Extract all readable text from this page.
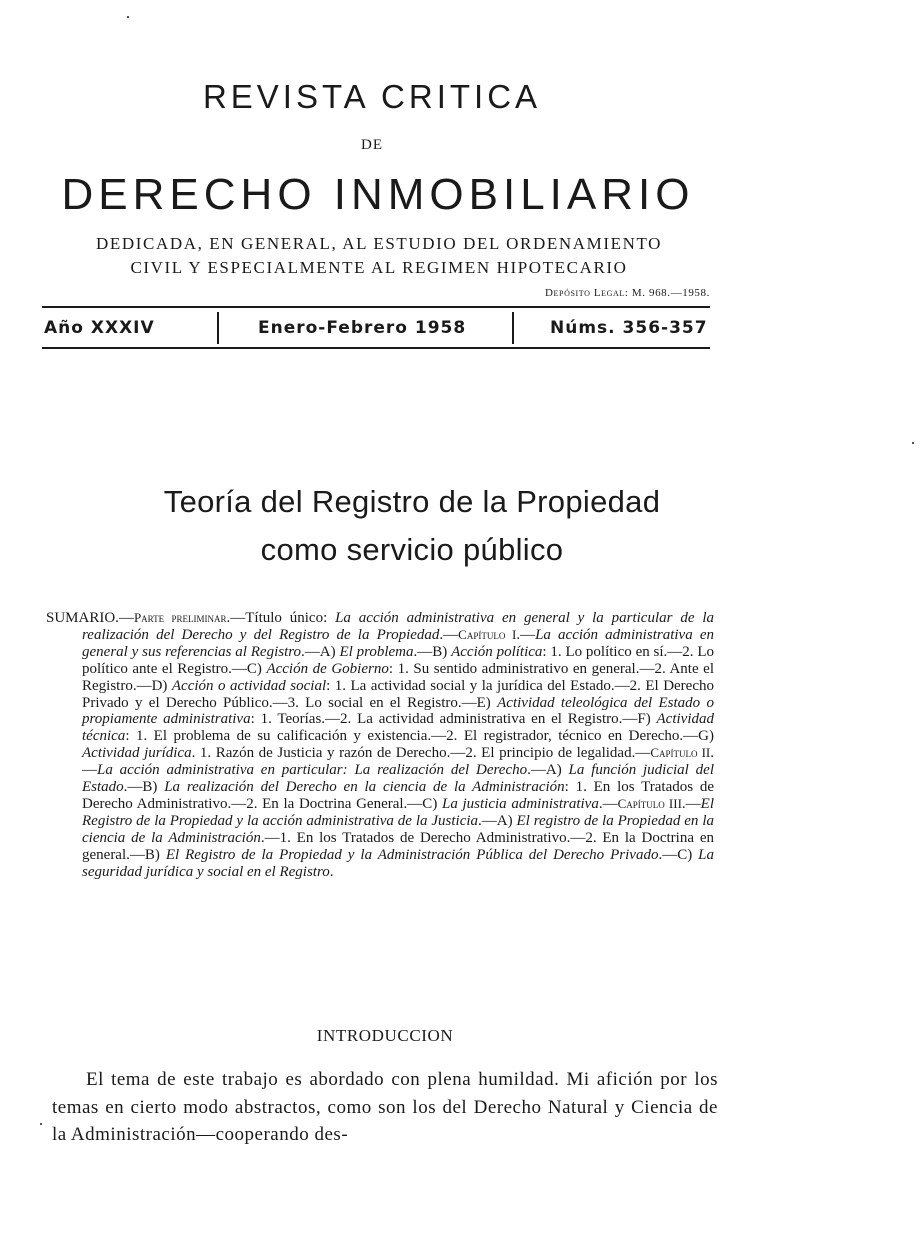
REVISTA CRITICA
DE
DERECHO INMOBILIARIO
DEDICADA, EN GENERAL, AL ESTUDIO DEL ORDENAMIENTO
CIVIL Y ESPECIALMENTE AL REGIMEN HIPOTECARIO
Depósito Legal: M. 968.—1958.
Año XXXIV	Enero-Febrero 1958	Núms. 356-357
Teoría del Registro de la Propiedad
como servicio público
SUMARIO.—Parte preliminar.—Título único: La acción administrativa en general y la particular de la realización del Derecho y del Registro de la Propiedad.—Capítulo I.—La acción administrativa en general y sus referencias al Registro.—A) El problema.—B) Acción política: 1. Lo político en sí.—2. Lo político ante el Registro.—C) Acción de Gobierno: 1. Su sentido administrativo en general.—2. Ante el Registro.—D) Acción o actividad social: 1. La actividad social y la jurídica del Estado.—2. El Derecho Privado y el Derecho Público.—3. Lo social en el Registro.—E) Actividad teleológica del Estado o propiamente administrativa: 1. Teorías.—2. La actividad administrativa en el Registro.—F) Actividad técnica: 1. El problema de su calificación y existencia.—2. El registrador, técnico en Derecho.—G) Actividad jurídica. 1. Razón de Justicia y razón de Derecho.—2. El principio de legalidad.—Capítulo II.—La acción administrativa en particular: La realización del Derecho.—A) La función judicial del Estado.—B) La realización del Derecho en la ciencia de la Administración: 1. En los Tratados de Derecho Administrativo.—2. En la Doctrina General.—C) La justicia administrativa.—Capítulo III.—El Registro de la Propiedad y la acción administrativa de la Justicia.—A) El registro de la Propiedad en la ciencia de la Administración.—1. En los Tratados de Derecho Administrativo.—2. En la Doctrina en general.—B) El Registro de la Propiedad y la Administración Pública del Derecho Privado.—C) La seguridad jurídica y social en el Registro.
INTRODUCCION

El tema de este trabajo es abordado con plena humildad. Mi afición por los temas en cierto modo abstractos, como son los del Derecho Natural y Ciencia de la Administración—cooperando des-
